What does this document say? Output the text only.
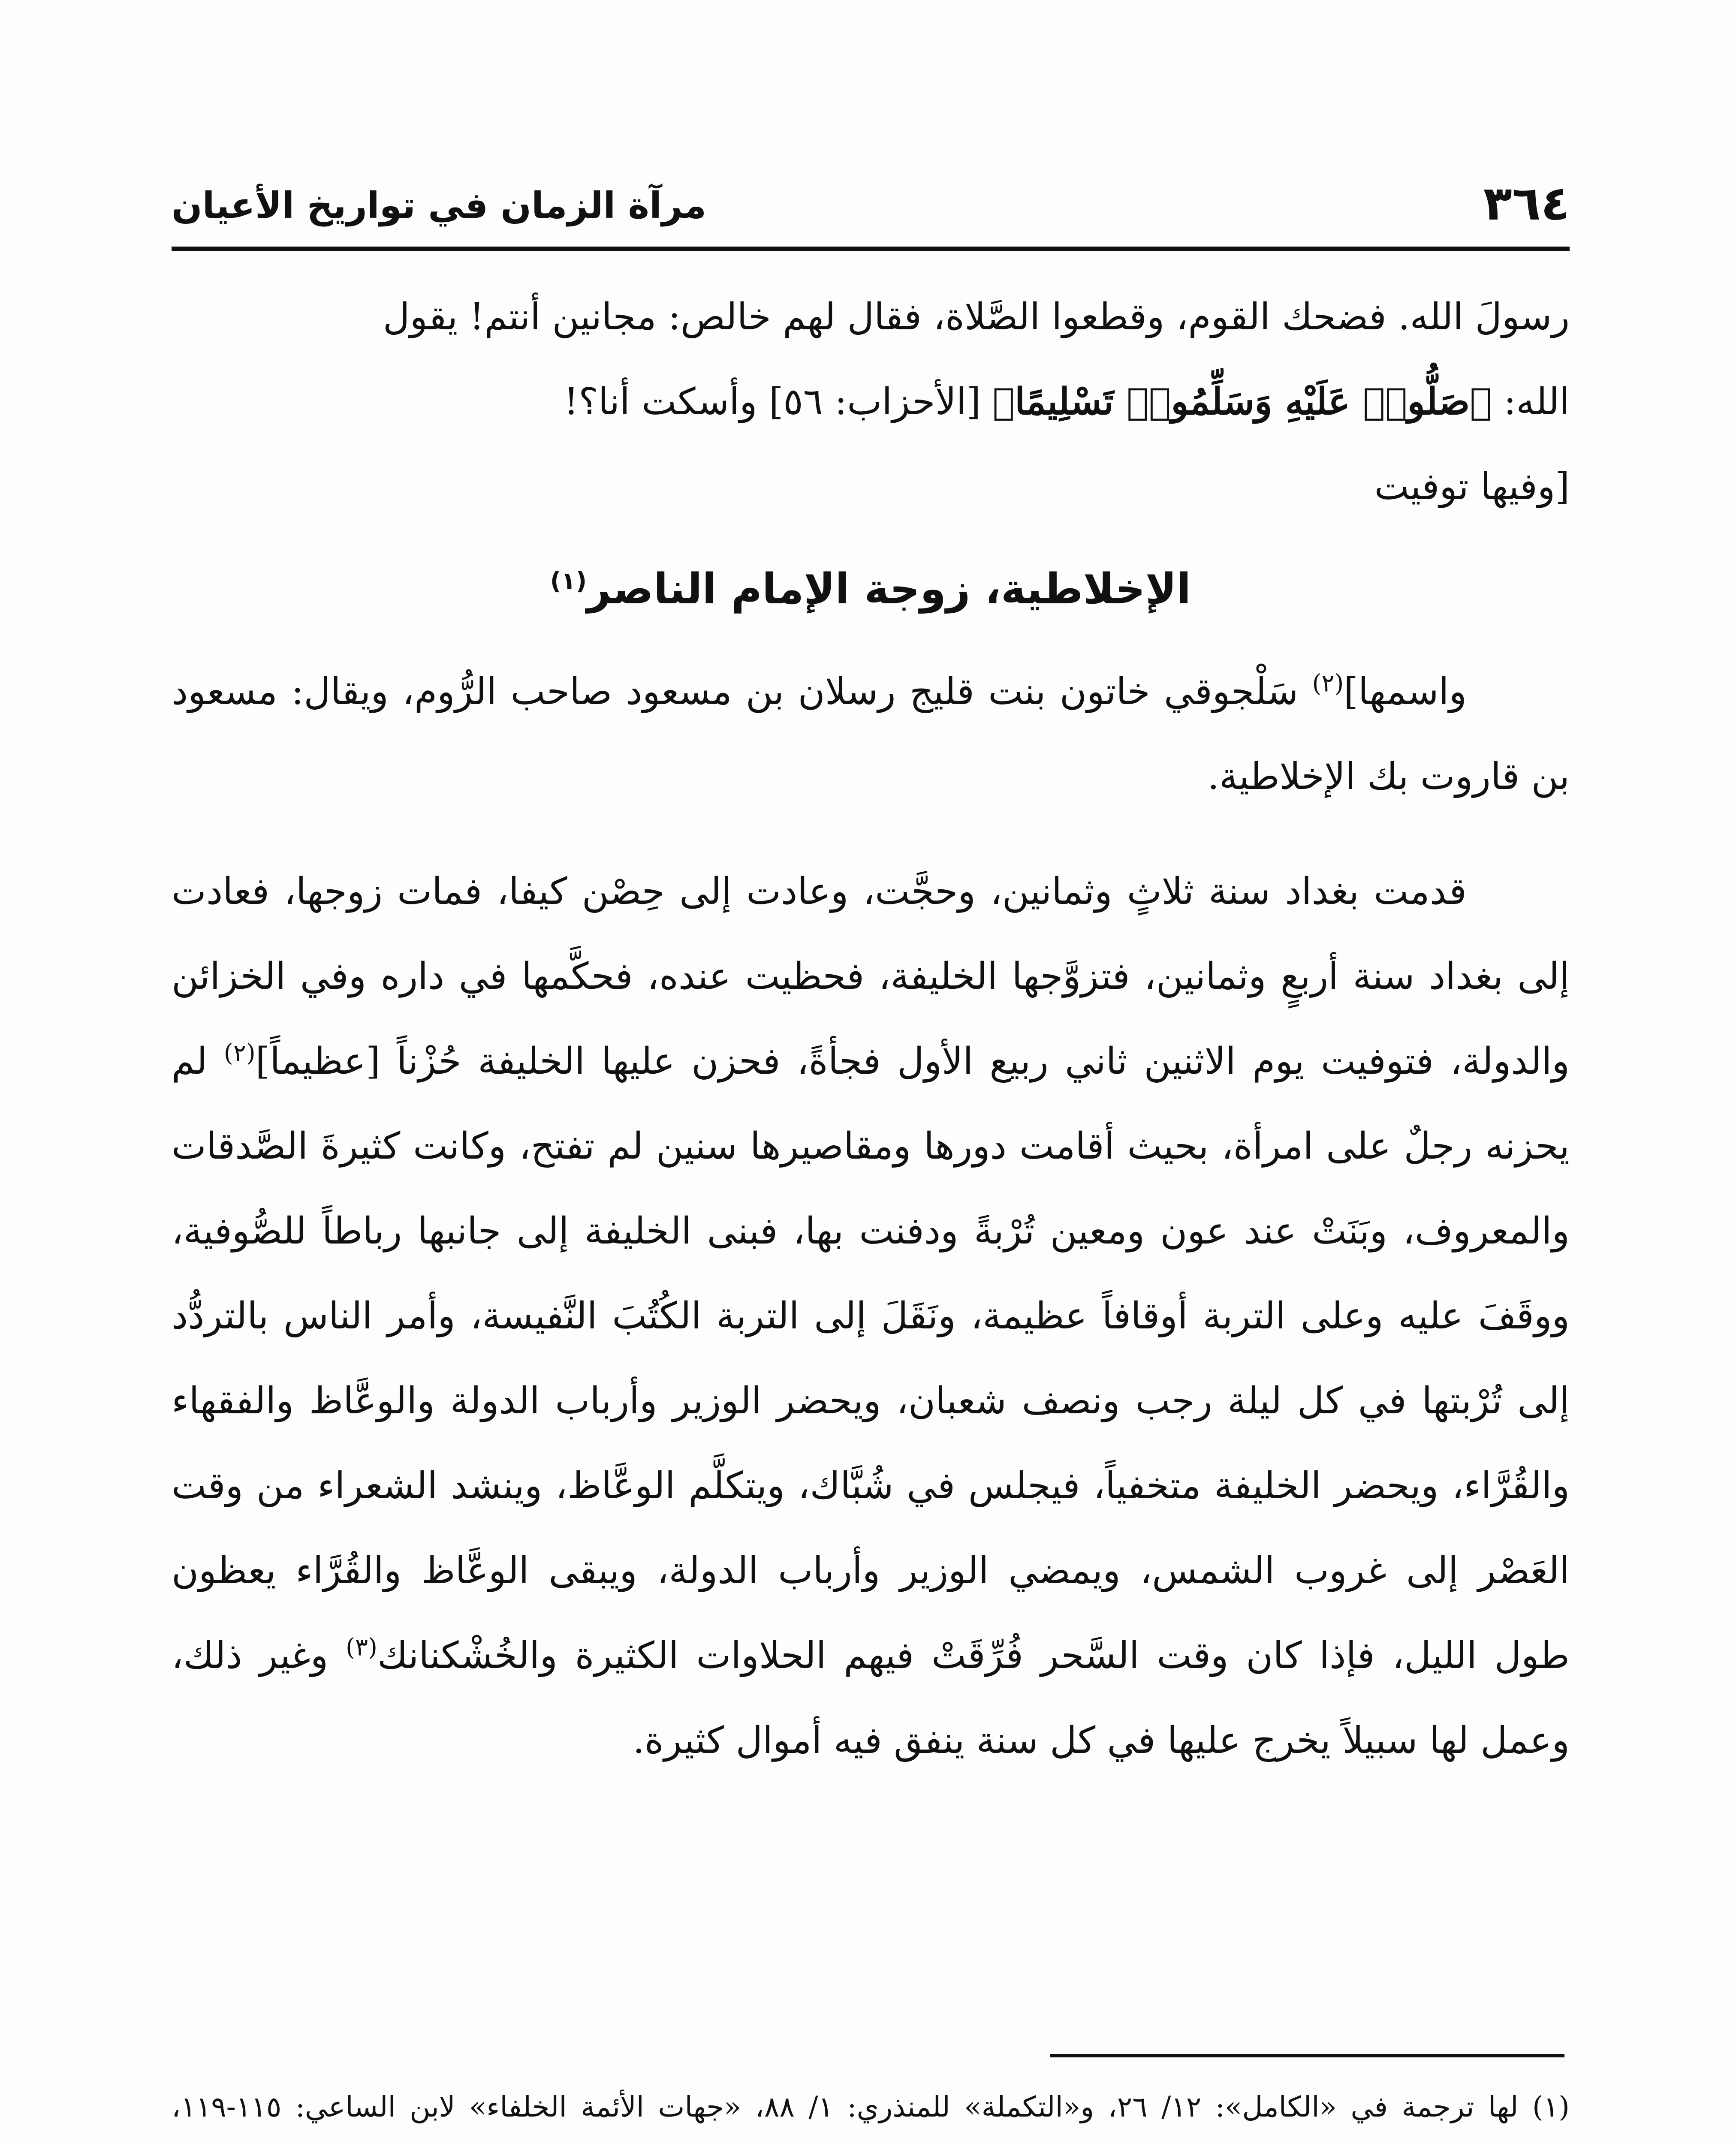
٣٦٤
مرآة الزمان في تواريخ الأعيان

رسولَ الله. فضحك القوم، وقطعوا الصَّلاة، فقال لهم خالص: مجانين أنتم! يقول

الله: ﴿صَلُّوا۟ عَلَيْهِ وَسَلِّمُوا۟ تَسْلِيمًا﴾ [الأحزاب: ٥٦] وأسكت أنا؟!

[وفيها توفيت

الإخلاطية، زوجة الإمام الناصر$^{(١)}$

واسمها]$^{(٢)}$ سَلْجوقي خاتون بنت قليج رسلان بن مسعود صاحب الرُّوم، ويقال: مسعود بن قاروت بك الإخلاطية.

قدمت بغداد سنة ثلاثٍ وثمانين، وحجَّت، وعادت إلى حِصْن كيفا، فمات زوجها، فعادت إلى بغداد سنة أربعٍ وثمانين، فتزوَّجها الخليفة، فحظيت عنده، فحكَّمها في داره وفي الخزائن والدولة، فتوفيت يوم الاثنين ثاني ربيع الأول فجأةً، فحزن عليها الخليفة حُزْناً [عظيماً]$^{(٢)}$ لم يحزنه رجلٌ على امرأة، بحيث أقامت دورها ومقاصيرها سنين لم تفتح، وكانت كثيرةَ الصَّدقات والمعروف، وبَنَتْ عند عون ومعين تُرْبةً ودفنت بها، فبنى الخليفة إلى جانبها رباطاً للصُّوفية، ووقَفَ عليه وعلى التربة أوقافاً عظيمة، ونَقَلَ إلى التربة الكُتُبَ النَّفيسة، وأمر الناس بالتردُّد إلى تُرْبتها في كل ليلة رجب ونصف شعبان، ويحضر الوزير وأرباب الدولة والوعَّاظ والفقهاء والقُرَّاء، ويحضر الخليفة متخفياً، فيجلس في شُبَّاك، ويتكلَّم الوعَّاظ، وينشد الشعراء من وقت العَصْر إلى غروب الشمس، ويمضي الوزير وأرباب الدولة، ويبقى الوعَّاظ والقُرَّاء يعظون طول الليل، فإذا كان وقت السَّحر فُرِّقَتْ فيهم الحلاوات الكثيرة والخُشْكنانك$^{(٣)}$ وغير ذلك، وعمل لها سبيلاً يخرج عليها في كل سنة ينفق فيه أموال كثيرة.

(١) لها ترجمة في «الكامل»: ١٢/ ٢٦، و«التكملة» للمنذري: ١/ ٨٨، «جهات الأئمة الخلفاء» لابن الساعي: ١١٥-١١٩،
